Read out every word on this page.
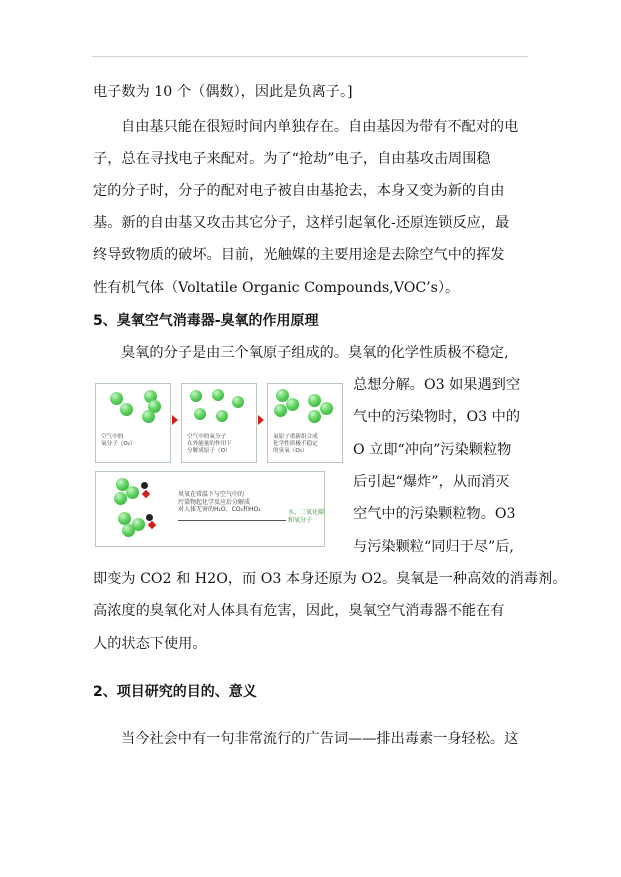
电子数为 10 个（偶数），因此是负离子。]
自由基只能在很短时间内单独存在。自由基因为带有不配对的电
子，总在寻找电子来配对。为了“抢劫”电子，自由基攻击周围稳
定的分子时，分子的配对电子被自由基抢去，本身又变为新的自由
基。新的自由基又攻击其它分子，这样引起氧化-还原连锁反应，最
终导致物质的破坏。目前，光触媒的主要用途是去除空气中的挥发
性有机气体（Voltatile Organic Compounds,VOC’s）。
5、臭氧空气消毒器-臭氧的作用原理
臭氧的分子是由三个氧原子组成的。臭氧的化学性质极不稳定,
总想分解。O3 如果遇到空
气中的污染物时，O3 中的
O 立即“冲向”污染颗粒物
后引起“爆炸”，从而消灭
空气中的污染颗粒物。O3
与污染颗粒“同归于尽”后,
空气中的
氧分子（O₂）
空气中的氧分子
在外能量的作用下
分解成原子（O）
氧原子重新组合成
化学性质极不稳定
的臭氧（O₃）
臭氧在常温下与空气中的
污染物起化学反应后分解成
对人体无害的H₂O、CO₂和HO₂	水、二氧化碳
和氧分子
即变为 CO2 和 H2O，而 O3 本身还原为 O2。臭氧是一种高效的消毒剂。
高浓度的臭氧化对人体具有危害，因此，臭氧空气消毒器不能在有
人的状态下使用。
2、项目研究的目的、意义
当今社会中有一句非常流行的广告词——排出毒素一身轻松。这
